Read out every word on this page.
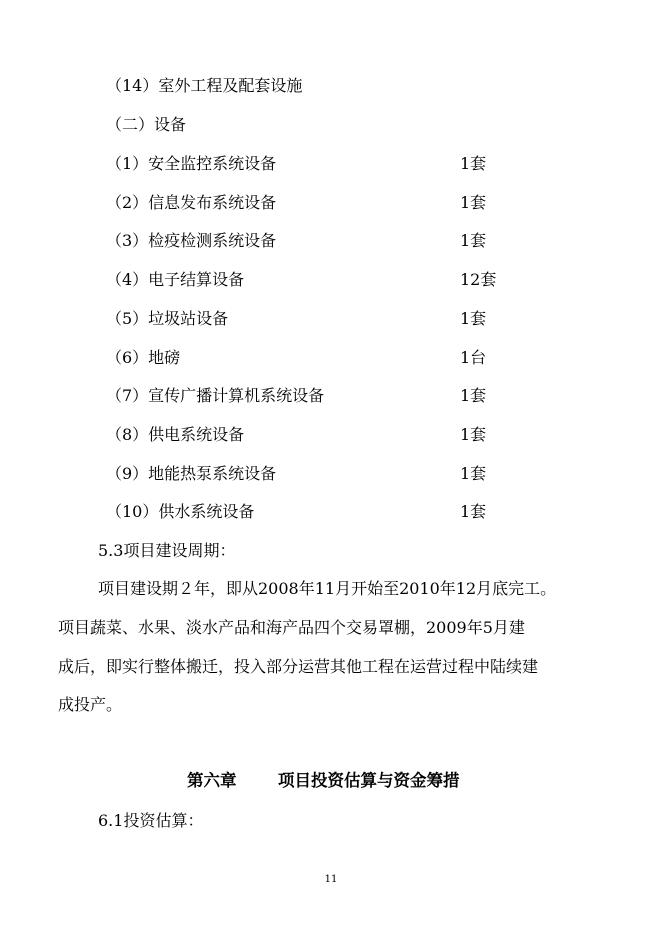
（14）室外工程及配套设施
（二）设备
（1）安全监控系统设备	1套
（2）信息发布系统设备	1套
（3）检疫检测系统设备	1套
（4）电子结算设备	12套
（5）垃圾站设备	1套
（6）地磅	1台
（7）宣传广播计算机系统设备	1套
（8）供电系统设备	1套
（9）地能热泵系统设备	1套
（10）供水系统设备	1套
5.3项目建设周期：
项目建设期２年，即从2008年11月开始至2010年12月底完工。
项目蔬菜、水果、淡水产品和海产品四个交易罩棚，2009年5月建
成后，即实行整体搬迁，投入部分运营其他工程在运营过程中陆续建
成投产。
第六章	项目投资估算与资金筹措
6.1投资估算：
11
